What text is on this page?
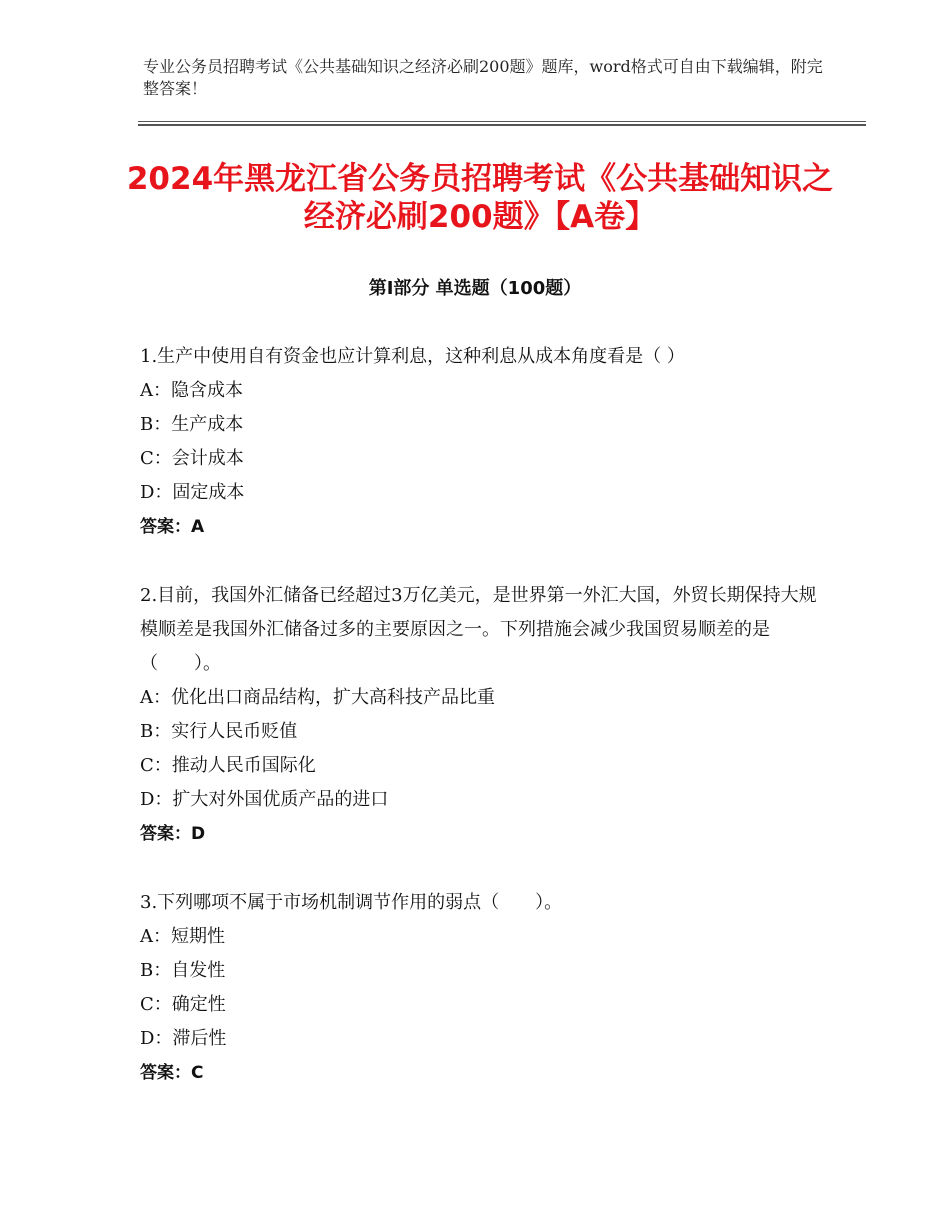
专业公务员招聘考试《公共基础知识之经济必刷200题》题库，word格式可自由下载编辑，附完整答案！
2024年黑龙江省公务员招聘考试《公共基础知识之经济必刷200题》【A卷】
第Ⅰ部分 单选题（100题）

1.生产中使用自有资金也应计算利息，这种利息从成本角度看是（ ）

A：隐含成本

B：生产成本

C：会计成本

D：固定成本

答案：A

2.目前，我国外汇储备已经超过3万亿美元，是世界第一外汇大国，外贸长期保持大规模顺差是我国外汇储备过多的主要原因之一。下列措施会减少我国贸易顺差的是（　　）。

A：优化出口商品结构，扩大高科技产品比重

B：实行人民币贬值

C：推动人民币国际化

D：扩大对外国优质产品的进口

答案：D

3.下列哪项不属于市场机制调节作用的弱点（　　）。

A：短期性

B：自发性

C：确定性

D：滞后性

答案：C
